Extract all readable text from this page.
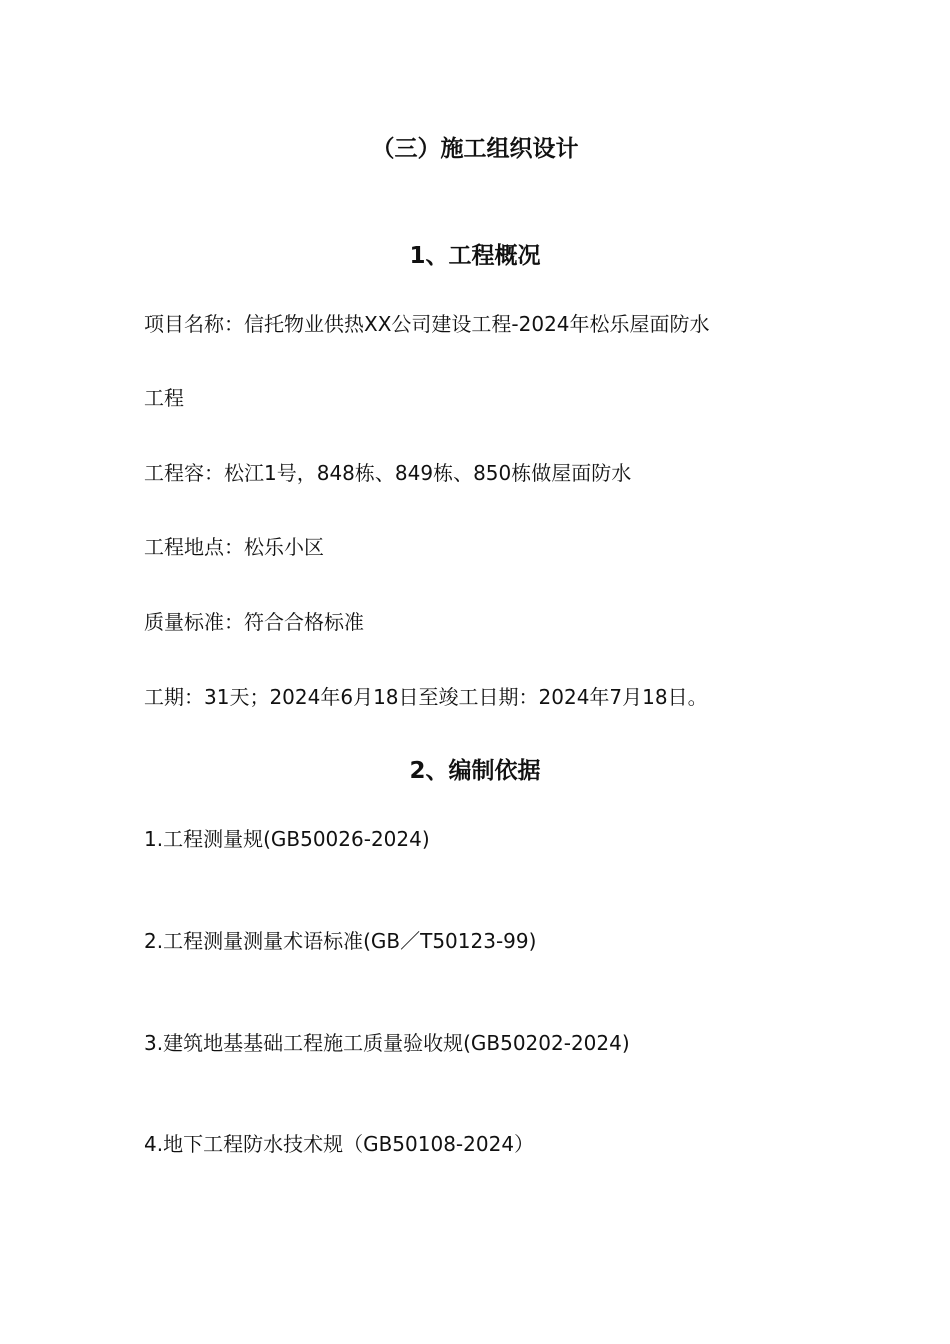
（三）施工组织设计
1、工程概况
项目名称：信托物业供热XX公司建设工程-2024年松乐屋面防水
工程
工程容：松江1号，848栋、849栋、850栋做屋面防水
工程地点：松乐小区
质量标准：符合合格标准
工期：31天；2024年6月18日至竣工日期：2024年7月18日。
2、编制依据
1.工程测量规(GB50026-2024)
2.工程测量测量术语标准(GB／T50123-99)
3.建筑地基基础工程施工质量验收规(GB50202-2024)
4.地下工程防水技术规（GB50108-2024）
